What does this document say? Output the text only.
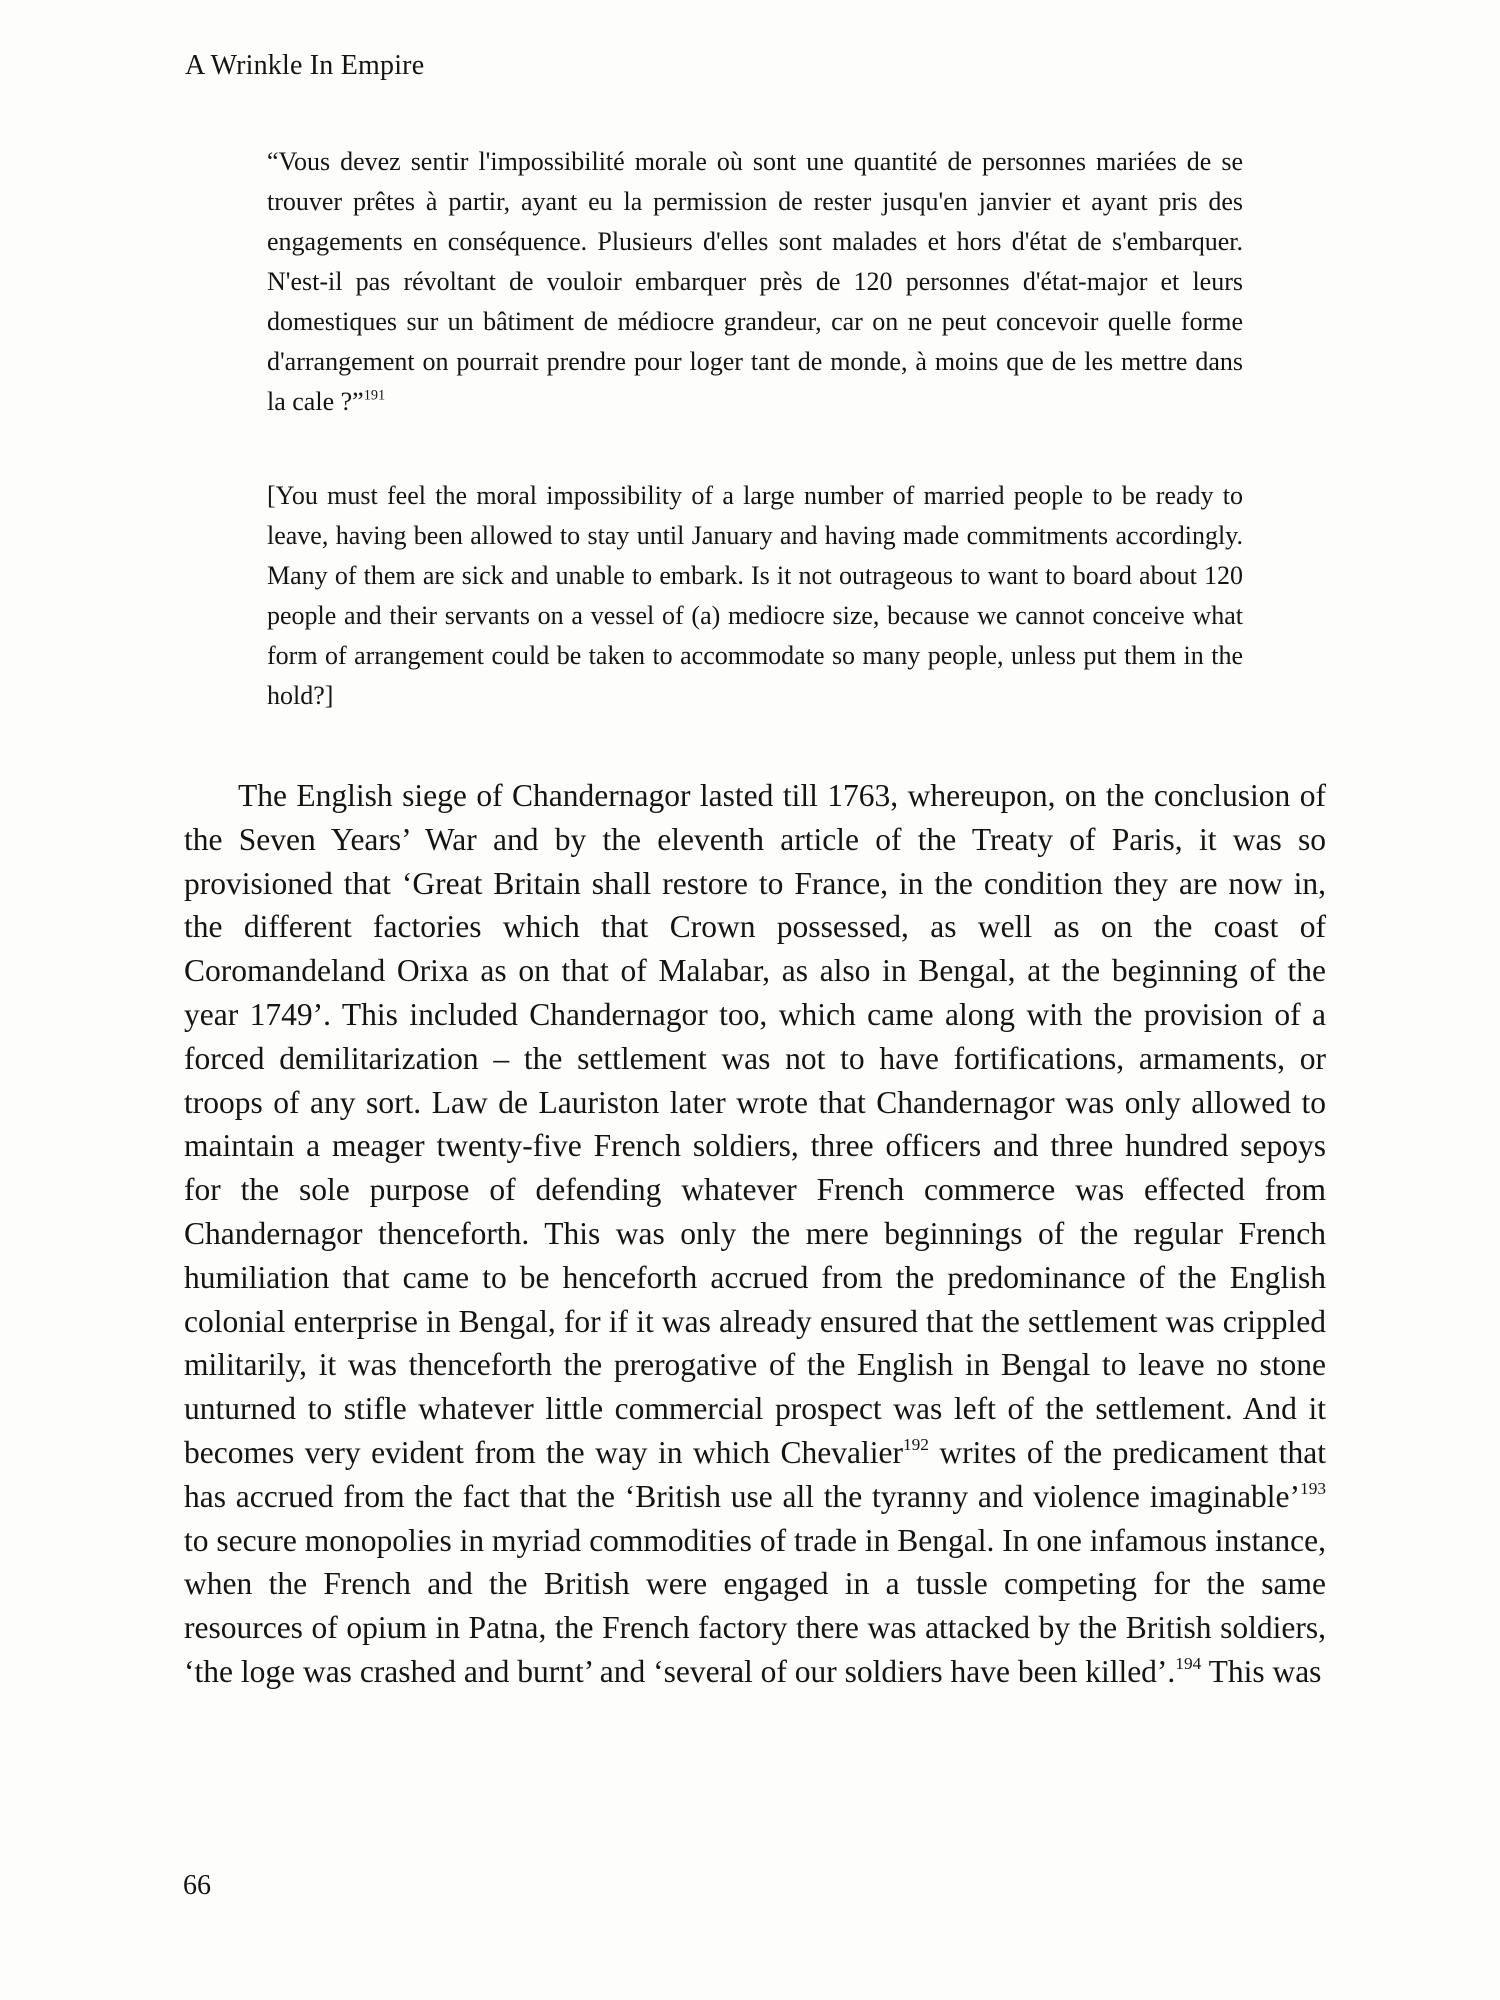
A Wrinkle In Empire
“Vous devez sentir l'impossibilité morale où sont une quantité de personnes mariées de se trouver prêtes à partir, ayant eu la permission de rester jusqu'en janvier et ayant pris des engagements en conséquence. Plusieurs d'elles sont malades et hors d'état de s'embarquer. N'est-il pas révoltant de vouloir embarquer près de 120 personnes d'état-major et leurs domestiques sur un bâtiment de médiocre grandeur, car on ne peut concevoir quelle forme d'arrangement on pourrait prendre pour loger tant de monde, à moins que de les mettre dans la cale ?”$^{191}$
[You must feel the moral impossibility of a large number of married people to be ready to leave, having been allowed to stay until January and having made commitments accordingly. Many of them are sick and unable to embark. Is it not outrageous to want to board about 120 people and their servants on a vessel of (a) mediocre size, because we cannot conceive what form of arrangement could be taken to accommodate so many people, unless put them in the hold?]
The English siege of Chandernagor lasted till 1763, whereupon, on the conclusion of the Seven Years’ War and by the eleventh article of the Treaty of Paris, it was so provisioned that ‘Great Britain shall restore to France, in the condition they are now in, the different factories which that Crown possessed, as well as on the coast of Coromandeland Orixa as on that of Malabar, as also in Bengal, at the beginning of the year 1749’. This included Chandernagor too, which came along with the provision of a forced demilitarization – the settlement was not to have fortifications, armaments, or troops of any sort. Law de Lauriston later wrote that Chandernagor was only allowed to maintain a meager twenty-five French soldiers, three officers and three hundred sepoys for the sole purpose of defending whatever French commerce was effected from Chandernagor thenceforth. This was only the mere beginnings of the regular French humiliation that came to be henceforth accrued from the predominance of the English colonial enterprise in Bengal, for if it was already ensured that the settlement was crippled militarily, it was thenceforth the prerogative of the English in Bengal to leave no stone unturned to stifle whatever little commercial prospect was left of the settlement. And it becomes very evident from the way in which Chevalier$^{192}$ writes of the predicament that has accrued from the fact that the ‘British use all the tyranny and violence imaginable’$^{193}$ to secure monopolies in myriad commodities of trade in Bengal. In one infamous instance, when the French and the British were engaged in a tussle competing for the same resources of opium in Patna, the French factory there was attacked by the British soldiers, ‘the loge was crashed and burnt’ and ‘several of our soldiers have been killed’.$^{194}$ This was
66
